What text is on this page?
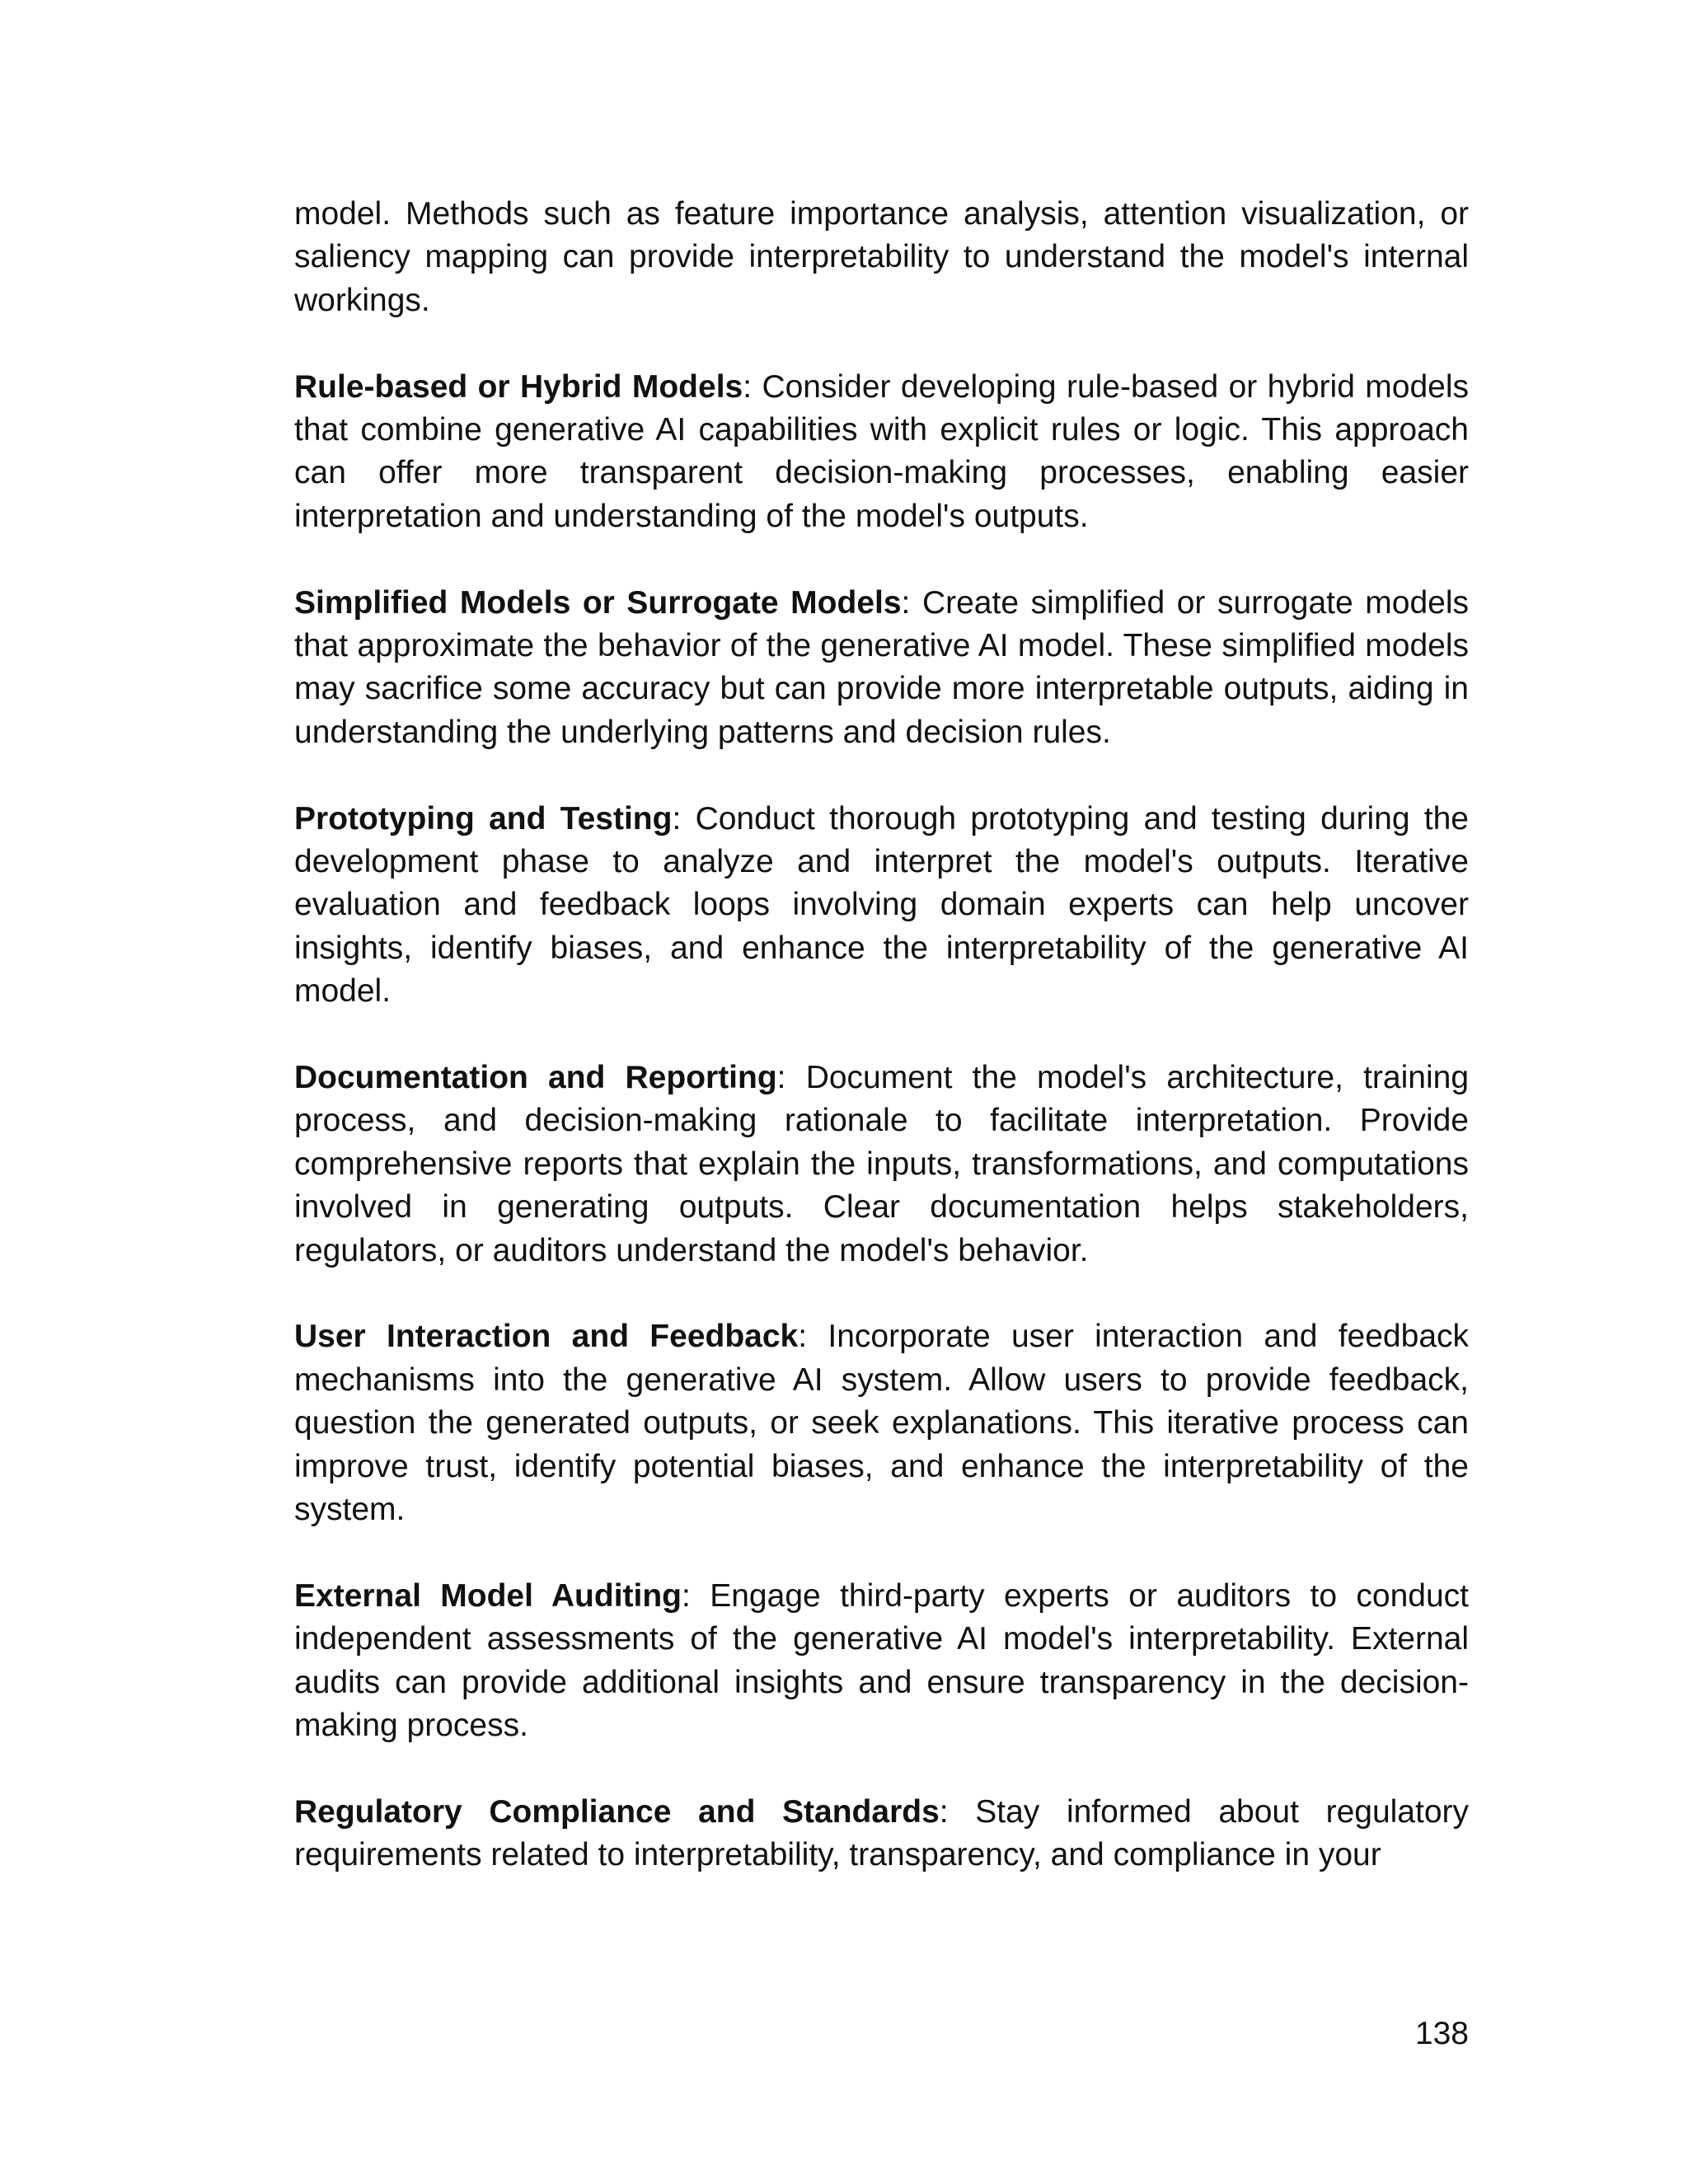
model. Methods such as feature importance analysis, attention visualization, or saliency mapping can provide interpretability to understand the model's internal workings.

Rule-based or Hybrid Models: Consider developing rule-based or hybrid models that combine generative AI capabilities with explicit rules or logic. This approach can offer more transparent decision-making processes, enabling easier interpretation and understanding of the model's outputs.

Simplified Models or Surrogate Models: Create simplified or surrogate models that approximate the behavior of the generative AI model. These simplified models may sacrifice some accuracy but can provide more interpretable outputs, aiding in understanding the underlying patterns and decision rules.

Prototyping and Testing: Conduct thorough prototyping and testing during the development phase to analyze and interpret the model's outputs. Iterative evaluation and feedback loops involving domain experts can help uncover insights, identify biases, and enhance the interpretability of the generative AI model.

Documentation and Reporting: Document the model's architecture, training process, and decision-making rationale to facilitate interpretation. Provide comprehensive reports that explain the inputs, transformations, and computations involved in generating outputs. Clear documentation helps stakeholders, regulators, or auditors understand the model's behavior.

User Interaction and Feedback: Incorporate user interaction and feedback mechanisms into the generative AI system. Allow users to provide feedback, question the generated outputs, or seek explanations. This iterative process can improve trust, identify potential biases, and enhance the interpretability of the system.

External Model Auditing: Engage third-party experts or auditors to conduct independent assessments of the generative AI model's interpretability. External audits can provide additional insights and ensure transparency in the decision-making process.

Regulatory Compliance and Standards: Stay informed about regulatory requirements related to interpretability, transparency, and compliance in your

138
